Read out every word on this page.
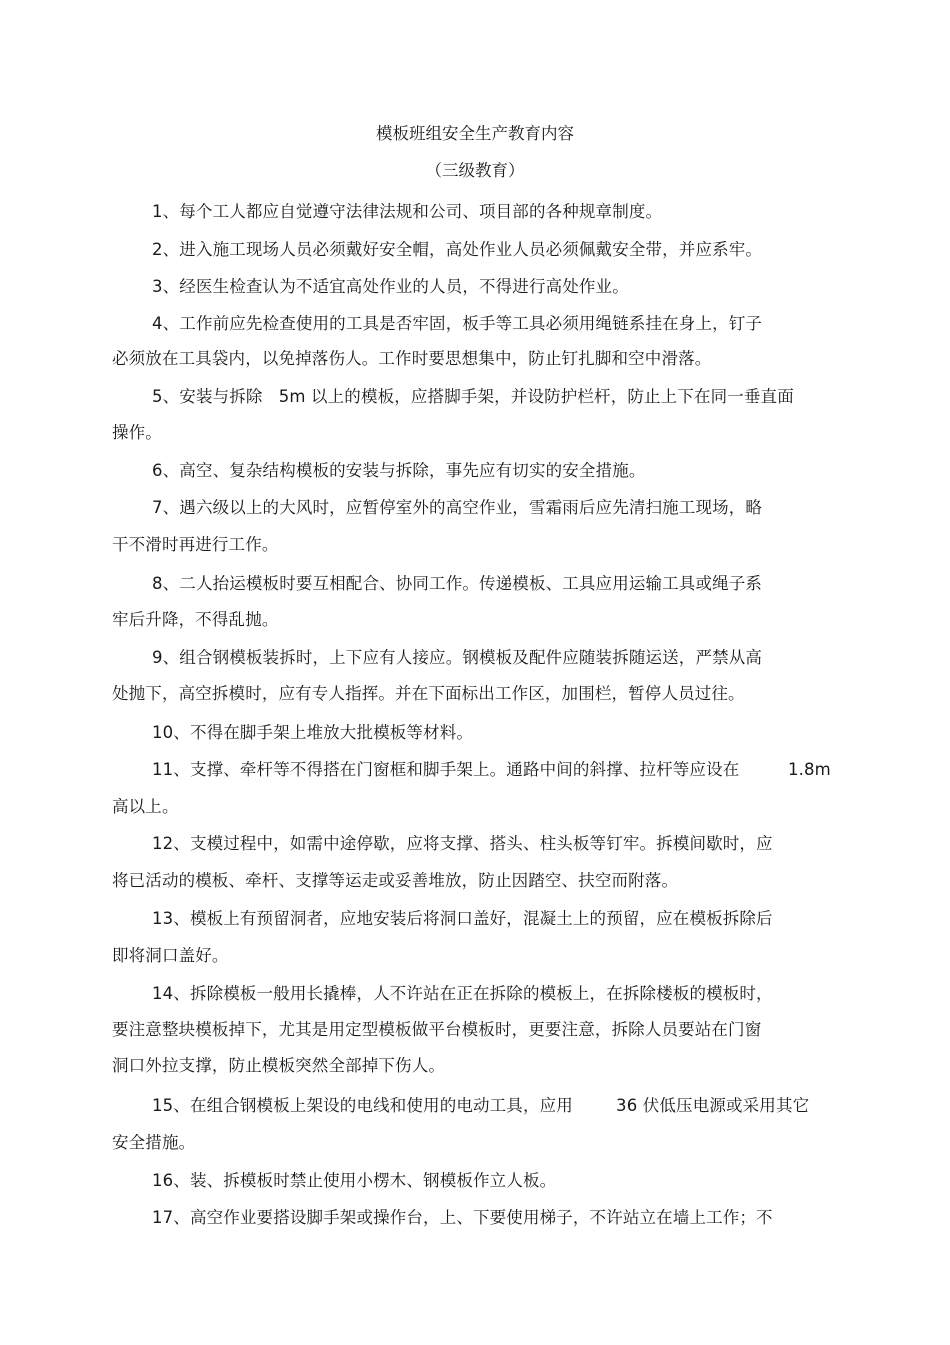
模板班组安全生产教育内容
（三级教育）
1、每个工人都应自觉遵守法律法规和公司、项目部的各种规章制度。
2、进入施工现场人员必须戴好安全帽，高处作业人员必须佩戴安全带，并应系牢。
3、经医生检查认为不适宜高处作业的人员，不得进行高处作业。
4、工作前应先检查使用的工具是否牢固，板手等工具必须用绳链系挂在身上，钉子
必须放在工具袋内，以免掉落伤人。工作时要思想集中，防止钉扎脚和空中滑落。
5、安装与拆除   5m 以上的模板，应搭脚手架，并设防护栏杆，防止上下在同一垂直面
操作。
6、高空、复杂结构模板的安装与拆除，事先应有切实的安全措施。
7、遇六级以上的大风时，应暂停室外的高空作业，雪霜雨后应先清扫施工现场，略
干不滑时再进行工作。
8、二人抬运模板时要互相配合、协同工作。传递模板、工具应用运输工具或绳子系
牢后升降，不得乱抛。
9、组合钢模板装拆时，上下应有人接应。钢模板及配件应随装拆随运送，严禁从高
处抛下，高空拆模时，应有专人指挥。并在下面标出工作区，加围栏，暂停人员过往。
10、不得在脚手架上堆放大批模板等材料。
11、支撑、牵杆等不得搭在门窗框和脚手架上。通路中间的斜撑、拉杆等应设在         1.8m
高以上。
12、支模过程中，如需中途停歇，应将支撑、搭头、柱头板等钉牢。拆模间歇时，应
将已活动的模板、牵杆、支撑等运走或妥善堆放，防止因踏空、扶空而附落。
13、模板上有预留洞者，应地安装后将洞口盖好，混凝土上的预留，应在模板拆除后
即将洞口盖好。
14、拆除模板一般用长撬棒，人不许站在正在拆除的模板上，在拆除楼板的模板时，
要注意整块模板掉下，尤其是用定型模板做平台模板时，更要注意，拆除人员要站在门窗
洞口外拉支撑，防止模板突然全部掉下伤人。
15、在组合钢模板上架设的电线和使用的电动工具，应用        36 伏低压电源或采用其它
安全措施。
16、装、拆模板时禁止使用小楞木、钢模板作立人板。
17、高空作业要搭设脚手架或操作台，上、下要使用梯子，不许站立在墙上工作；不
